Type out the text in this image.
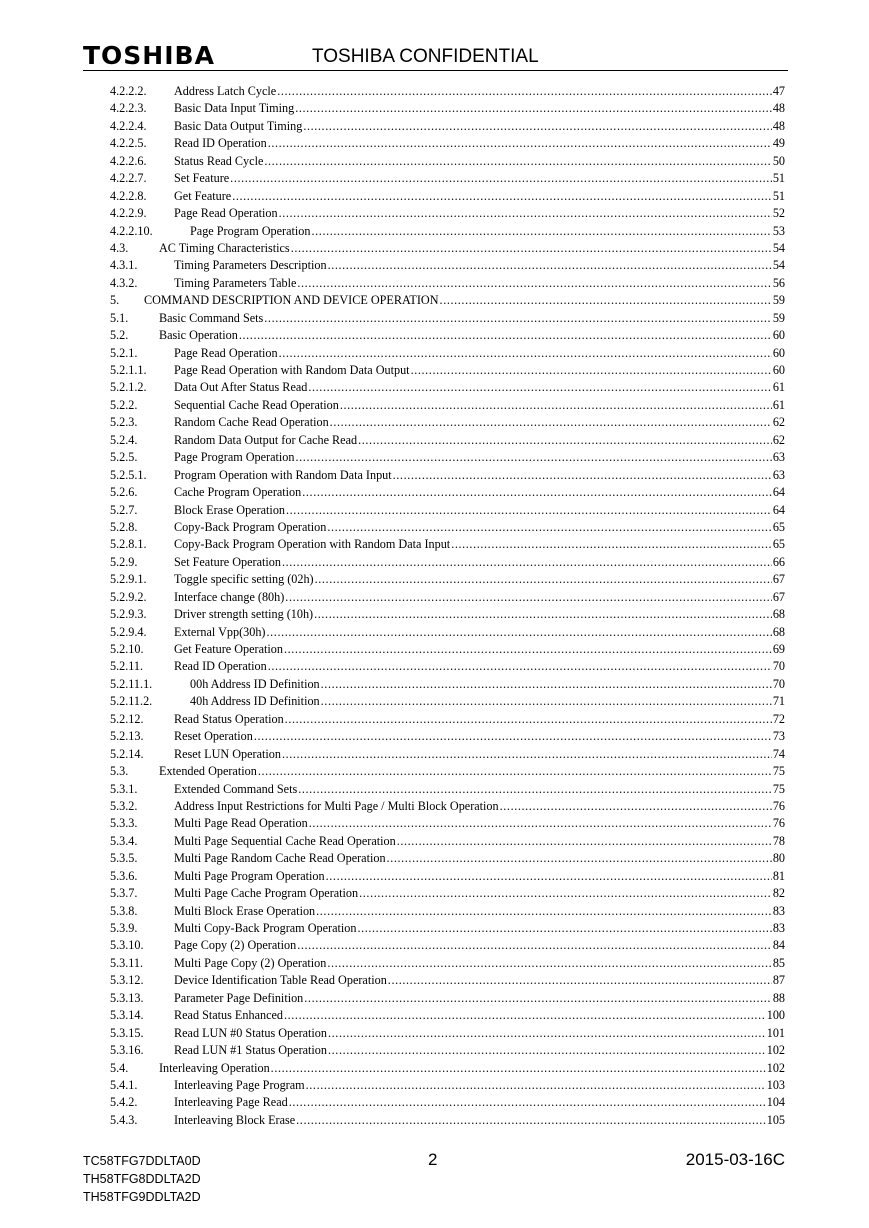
TOSHIBA	TOSHIBA CONFIDENTIAL
4.2.2.2.	Address Latch Cycle .....	47
4.2.2.3.	Basic Data Input Timing .....	48
4.2.2.4.	Basic Data Output Timing .....	48
4.2.2.5.	Read ID Operation .....	49
4.2.2.6.	Status Read Cycle .....	50
4.2.2.7.	Set Feature .....	51
4.2.2.8.	Get Feature .....	51
4.2.2.9.	Page Read Operation .....	52
4.2.2.10.	Page Program Operation .....	53
4.3.	AC Timing Characteristics .....	54
4.3.1.	Timing Parameters Description .....	54
4.3.2.	Timing Parameters Table .....	56
5.	COMMAND DESCRIPTION AND DEVICE OPERATION .....	59
5.1.	Basic Command Sets .....	59
5.2.	Basic Operation .....	60
5.2.1.	Page Read Operation .....	60
5.2.1.1.	Page Read Operation with Random Data Output .....	60
5.2.1.2.	Data Out After Status Read .....	61
5.2.2.	Sequential Cache Read Operation .....	61
5.2.3.	Random Cache Read Operation .....	62
5.2.4.	Random Data Output for Cache Read .....	62
5.2.5.	Page Program Operation .....	63
5.2.5.1.	Program Operation with Random Data Input .....	63
5.2.6.	Cache Program Operation .....	64
5.2.7.	Block Erase Operation .....	64
5.2.8.	Copy-Back Program Operation .....	65
5.2.8.1.	Copy-Back Program Operation with Random Data Input .....	65
5.2.9.	Set Feature Operation .....	66
5.2.9.1.	Toggle specific setting (02h) .....	67
5.2.9.2.	Interface change (80h) .....	67
5.2.9.3.	Driver strength setting (10h) .....	68
5.2.9.4.	External Vpp(30h) .....	68
5.2.10.	Get Feature Operation .....	69
5.2.11.	Read ID Operation .....	70
5.2.11.1.	00h Address ID Definition .....	70
5.2.11.2.	40h Address ID Definition .....	71
5.2.12.	Read Status Operation .....	72
5.2.13.	Reset Operation .....	73
5.2.14.	Reset LUN Operation .....	74
5.3.	Extended Operation .....	75
5.3.1.	Extended Command Sets .....	75
5.3.2.	Address Input Restrictions for Multi Page / Multi Block Operation .....	76
5.3.3.	Multi Page Read Operation .....	76
5.3.4.	Multi Page Sequential Cache Read Operation .....	78
5.3.5.	Multi Page Random Cache Read Operation .....	80
5.3.6.	Multi Page Program Operation .....	81
5.3.7.	Multi Page Cache Program Operation .....	82
5.3.8.	Multi Block Erase Operation .....	83
5.3.9.	Multi Copy-Back Program Operation .....	83
5.3.10.	Page Copy (2) Operation .....	84
5.3.11.	Multi Page Copy (2) Operation .....	85
5.3.12.	Device Identification Table Read Operation .....	87
5.3.13.	Parameter Page Definition .....	88
5.3.14.	Read Status Enhanced .....	100
5.3.15.	Read LUN #0 Status Operation .....	101
5.3.16.	Read LUN #1 Status Operation .....	102
5.4.	Interleaving Operation .....	102
5.4.1.	Interleaving Page Program .....	103
5.4.2.	Interleaving Page Read .....	104
5.4.3.	Interleaving Block Erase .....	105
TC58TFG7DDLTA0D
TH58TFG8DDLTA2D
TH58TFG9DDLTA2D
2	2015-03-16C
